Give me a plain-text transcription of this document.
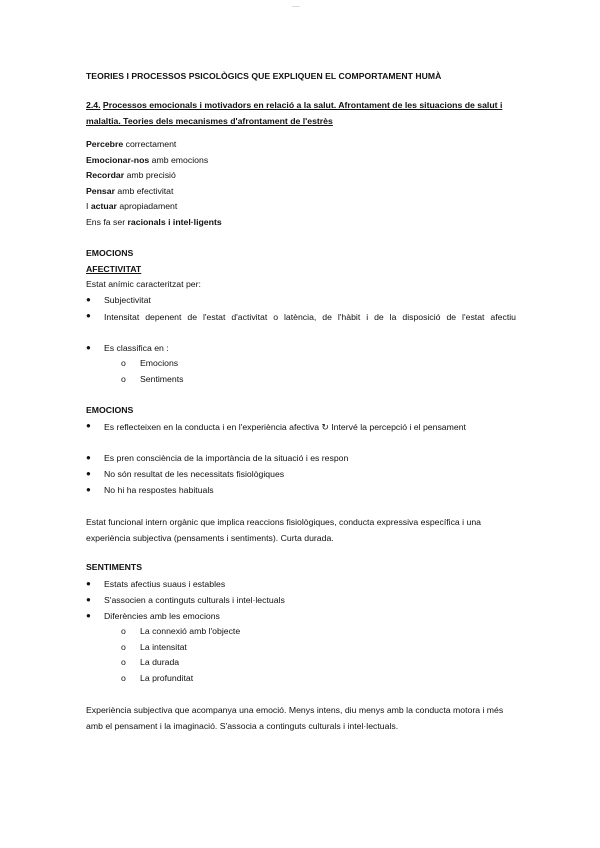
....
TEORIES I PROCESSOS PSICOLÒGICS QUE EXPLIQUEN EL COMPORTAMENT HUMÀ
2.4. Processos emocionals i motivadors en relació a la salut. Afrontament de les situacions de salut i malaltia. Teories dels mecanismes d'afrontament de l'estrès
Percebre correctament
Emocionar-nos amb emocions
Recordar amb precisió
Pensar amb efectivitat
I actuar apropiadament
Ens fa ser racionals i intel·ligents
EMOCIONS
AFECTIVITAT
Estat anímic caracteritzat per:
● Subjectivitat
● Intensitat depenent de l'estat d'activitat o latència, de l'hàbit i de la disposició de l'estat afectiu
● Es classifica en :
o Emocions
o Sentiments
EMOCIONS
● Es reflecteixen en la conducta i en l'experiència afectiva ↻ Intervé la percepció i el pensament
● Es pren consciència de la importància de la situació i es respon
● No són resultat de les necessitats fisiològiques
● No hi ha respostes habituals
Estat funcional intern orgànic que implica reaccions fisiològiques, conducta expressiva específica i una experiència subjectiva (pensaments i sentiments). Curta durada.
SENTIMENTS
● Estats afectius suaus i estables
● S'associen a continguts culturals i intel·lectuals
● Diferències amb les emocions
o La connexió amb l'objecte
o La intensitat
o La durada
o La profunditat
Experiència subjectiva que acompanya una emoció. Menys intens, diu menys amb la conducta motora i més amb el pensament i la imaginació. S'associa a continguts culturals i intel·lectuals.
